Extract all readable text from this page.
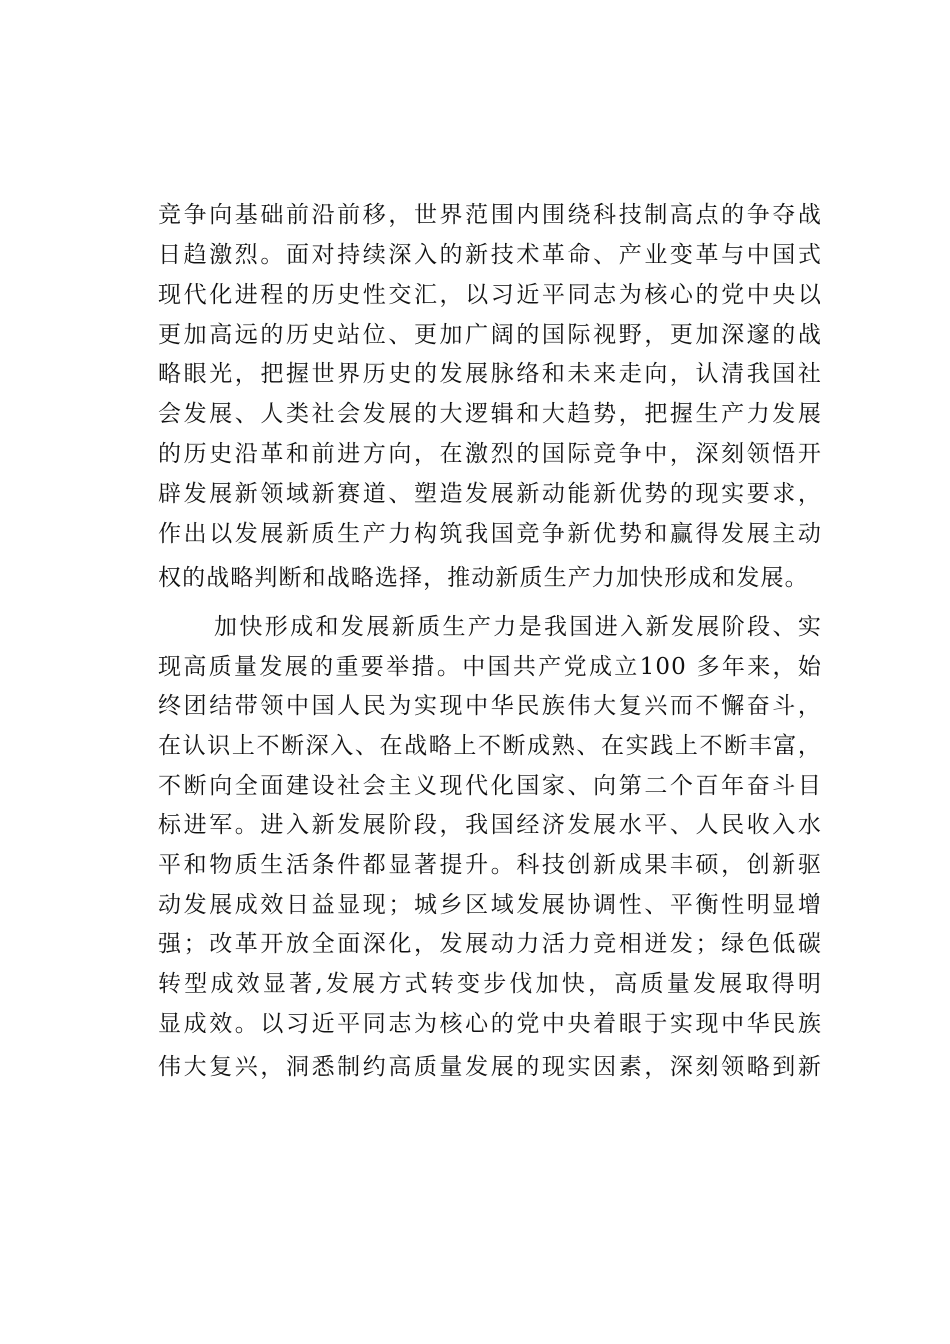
竞争向基础前沿前移，世界范围内围绕科技制高点的争夺战
日趋激烈。面对持续深入的新技术革命、产业变革与中国式
现代化进程的历史性交汇，以习近平同志为核心的党中央以
更加高远的历史站位、更加广阔的国际视野，更加深邃的战
略眼光，把握世界历史的发展脉络和未来走向，认清我国社
会发展、人类社会发展的大逻辑和大趋势，把握生产力发展
的历史沿革和前进方向，在激烈的国际竞争中，深刻领悟开
辟发展新领域新赛道、塑造发展新动能新优势的现实要求，
作出以发展新质生产力构筑我国竞争新优势和赢得发展主动
权的战略判断和战略选择，推动新质生产力加快形成和发展。
加快形成和发展新质生产力是我国进入新发展阶段、实
现高质量发展的重要举措。中国共产党成立100 多年来，始
终团结带领中国人民为实现中华民族伟大复兴而不懈奋斗，
在认识上不断深入、在战略上不断成熟、在实践上不断丰富，
不断向全面建设社会主义现代化国家、向第二个百年奋斗目
标进军。进入新发展阶段，我国经济发展水平、人民收入水
平和物质生活条件都显著提升。科技创新成果丰硕，创新驱
动发展成效日益显现；城乡区域发展协调性、平衡性明显增
强；改革开放全面深化，发展动力活力竞相迸发；绿色低碳
转型成效显著,发展方式转变步伐加快，高质量发展取得明
显成效。以习近平同志为核心的党中央着眼于实现中华民族
伟大复兴，洞悉制约高质量发展的现实因素，深刻领略到新
